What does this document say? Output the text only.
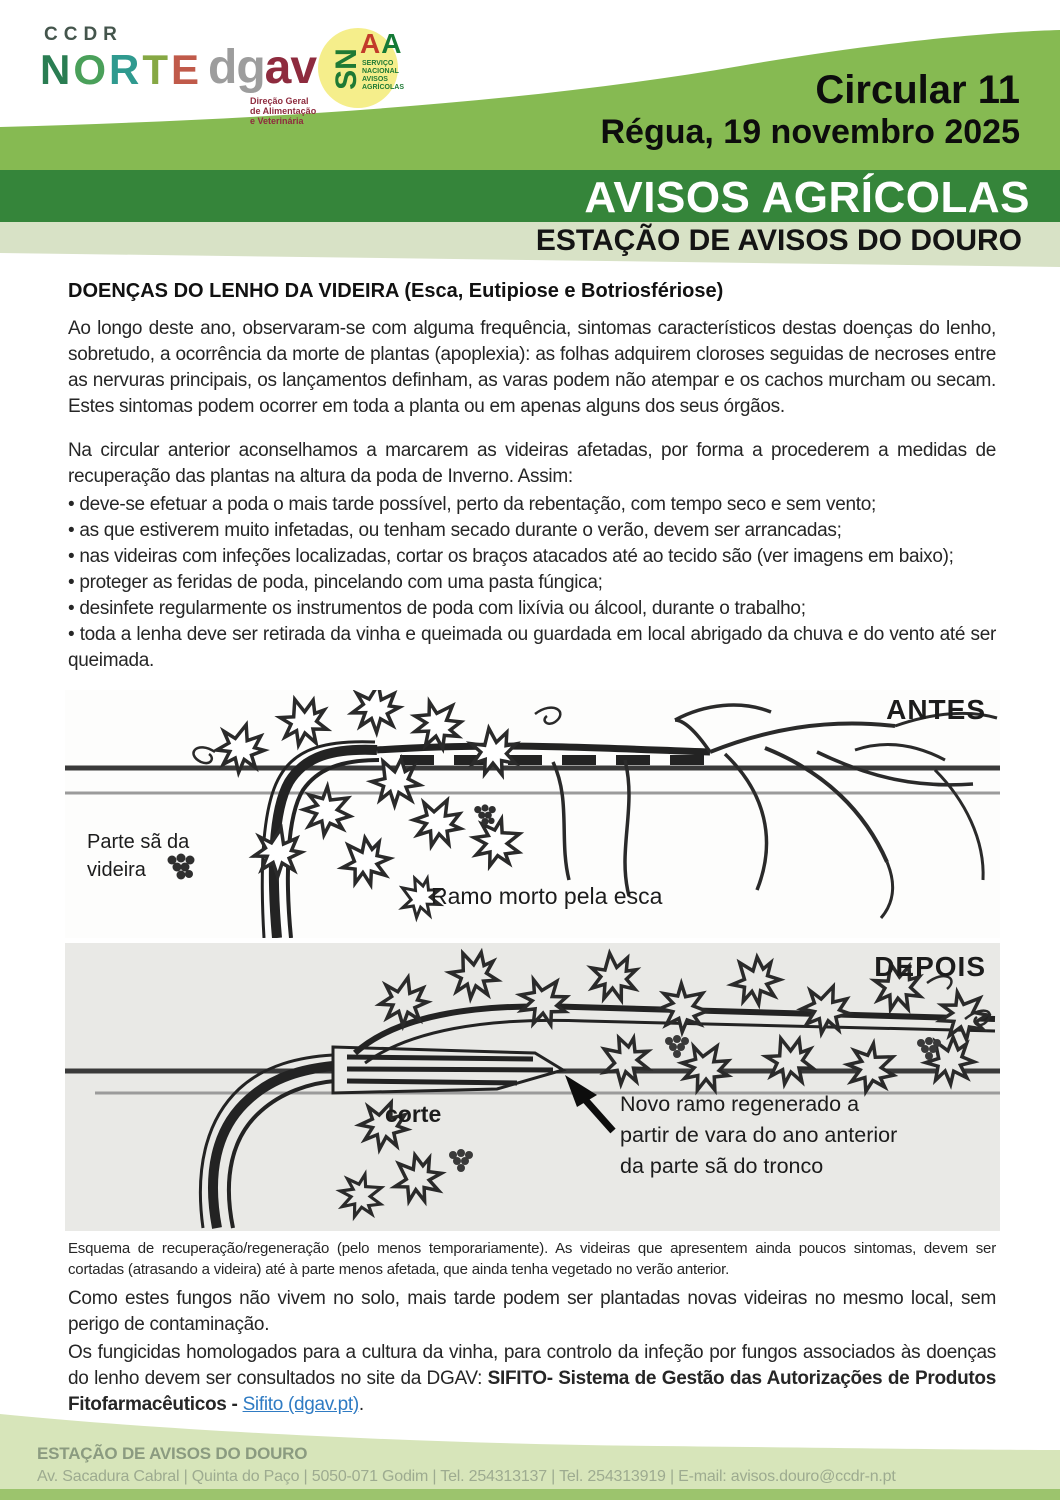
CCDR
NORTE dgav
Direção Geral
de Alimentação
e Veterinária
SN
AA
SERVIÇO
NACIONAL
AVISOS
AGRÍCOLAS	Circular 11
Régua, 19 novembro 2025
AVISOS AGRÍCOLAS
ESTAÇÃO DE AVISOS DO DOURO
DOENÇAS DO LENHO DA VIDEIRA (Esca, Eutipiose e Botriosfériose)
Ao longo deste ano, observaram-se com alguma frequência, sintomas característicos destas doenças do lenho, sobretudo, a ocorrência da morte de plantas (apoplexia): as folhas adquirem cloroses seguidas de necroses entre as nervuras principais, os lançamentos definham, as varas podem não atempar e os cachos murcham ou secam. Estes sintomas podem ocorrer em toda a planta ou em apenas alguns dos seus órgãos.
Na circular anterior aconselhamos a marcarem as videiras afetadas, por forma a procederem a medidas de recuperação das plantas na altura da poda de Inverno. Assim:
• deve-se efetuar a poda o mais tarde possível, perto da rebentação, com tempo seco e sem vento;
• as que estiverem muito infetadas, ou tenham secado durante o verão, devem ser arrancadas;
• nas videiras com infeções localizadas, cortar os braços atacados até ao tecido são (ver imagens em baixo);
• proteger as feridas de poda, pincelando com uma pasta fúngica;
• desinfete regularmente os instrumentos de poda com lixívia ou álcool, durante o trabalho;
• toda a lenha deve ser retirada da vinha e queimada ou guardada em local abrigado da chuva e do vento até ser queimada.
ANTES
Parte sã da
videira
Ramo morto pela esca
DEPOIS
corte	Novo ramo regenerado a
partir de vara do ano anterior
da parte sã do tronco
Esquema de recuperação/regeneração (pelo menos temporariamente). As videiras que apresentem ainda poucos sintomas, devem ser cortadas (atrasando a videira) até à parte menos afetada, que ainda tenha vegetado no verão anterior.
Como estes fungos não vivem no solo, mais tarde podem ser plantadas novas videiras no mesmo local, sem perigo de contaminação.
Os fungicidas homologados para a cultura da vinha, para controlo da infeção por fungos associados às doenças do lenho devem ser consultados no site da DGAV: SIFITO- Sistema de Gestão das Autorizações de Produtos Fitofarmacêuticos - Sifito (dgav.pt).
ESTAÇÃO DE AVISOS DO DOURO
Av. Sacadura Cabral | Quinta do Paço | 5050-071 Godim | Tel. 254313137 | Tel. 254313919 | E-mail: avisos.douro@ccdr-n.pt
